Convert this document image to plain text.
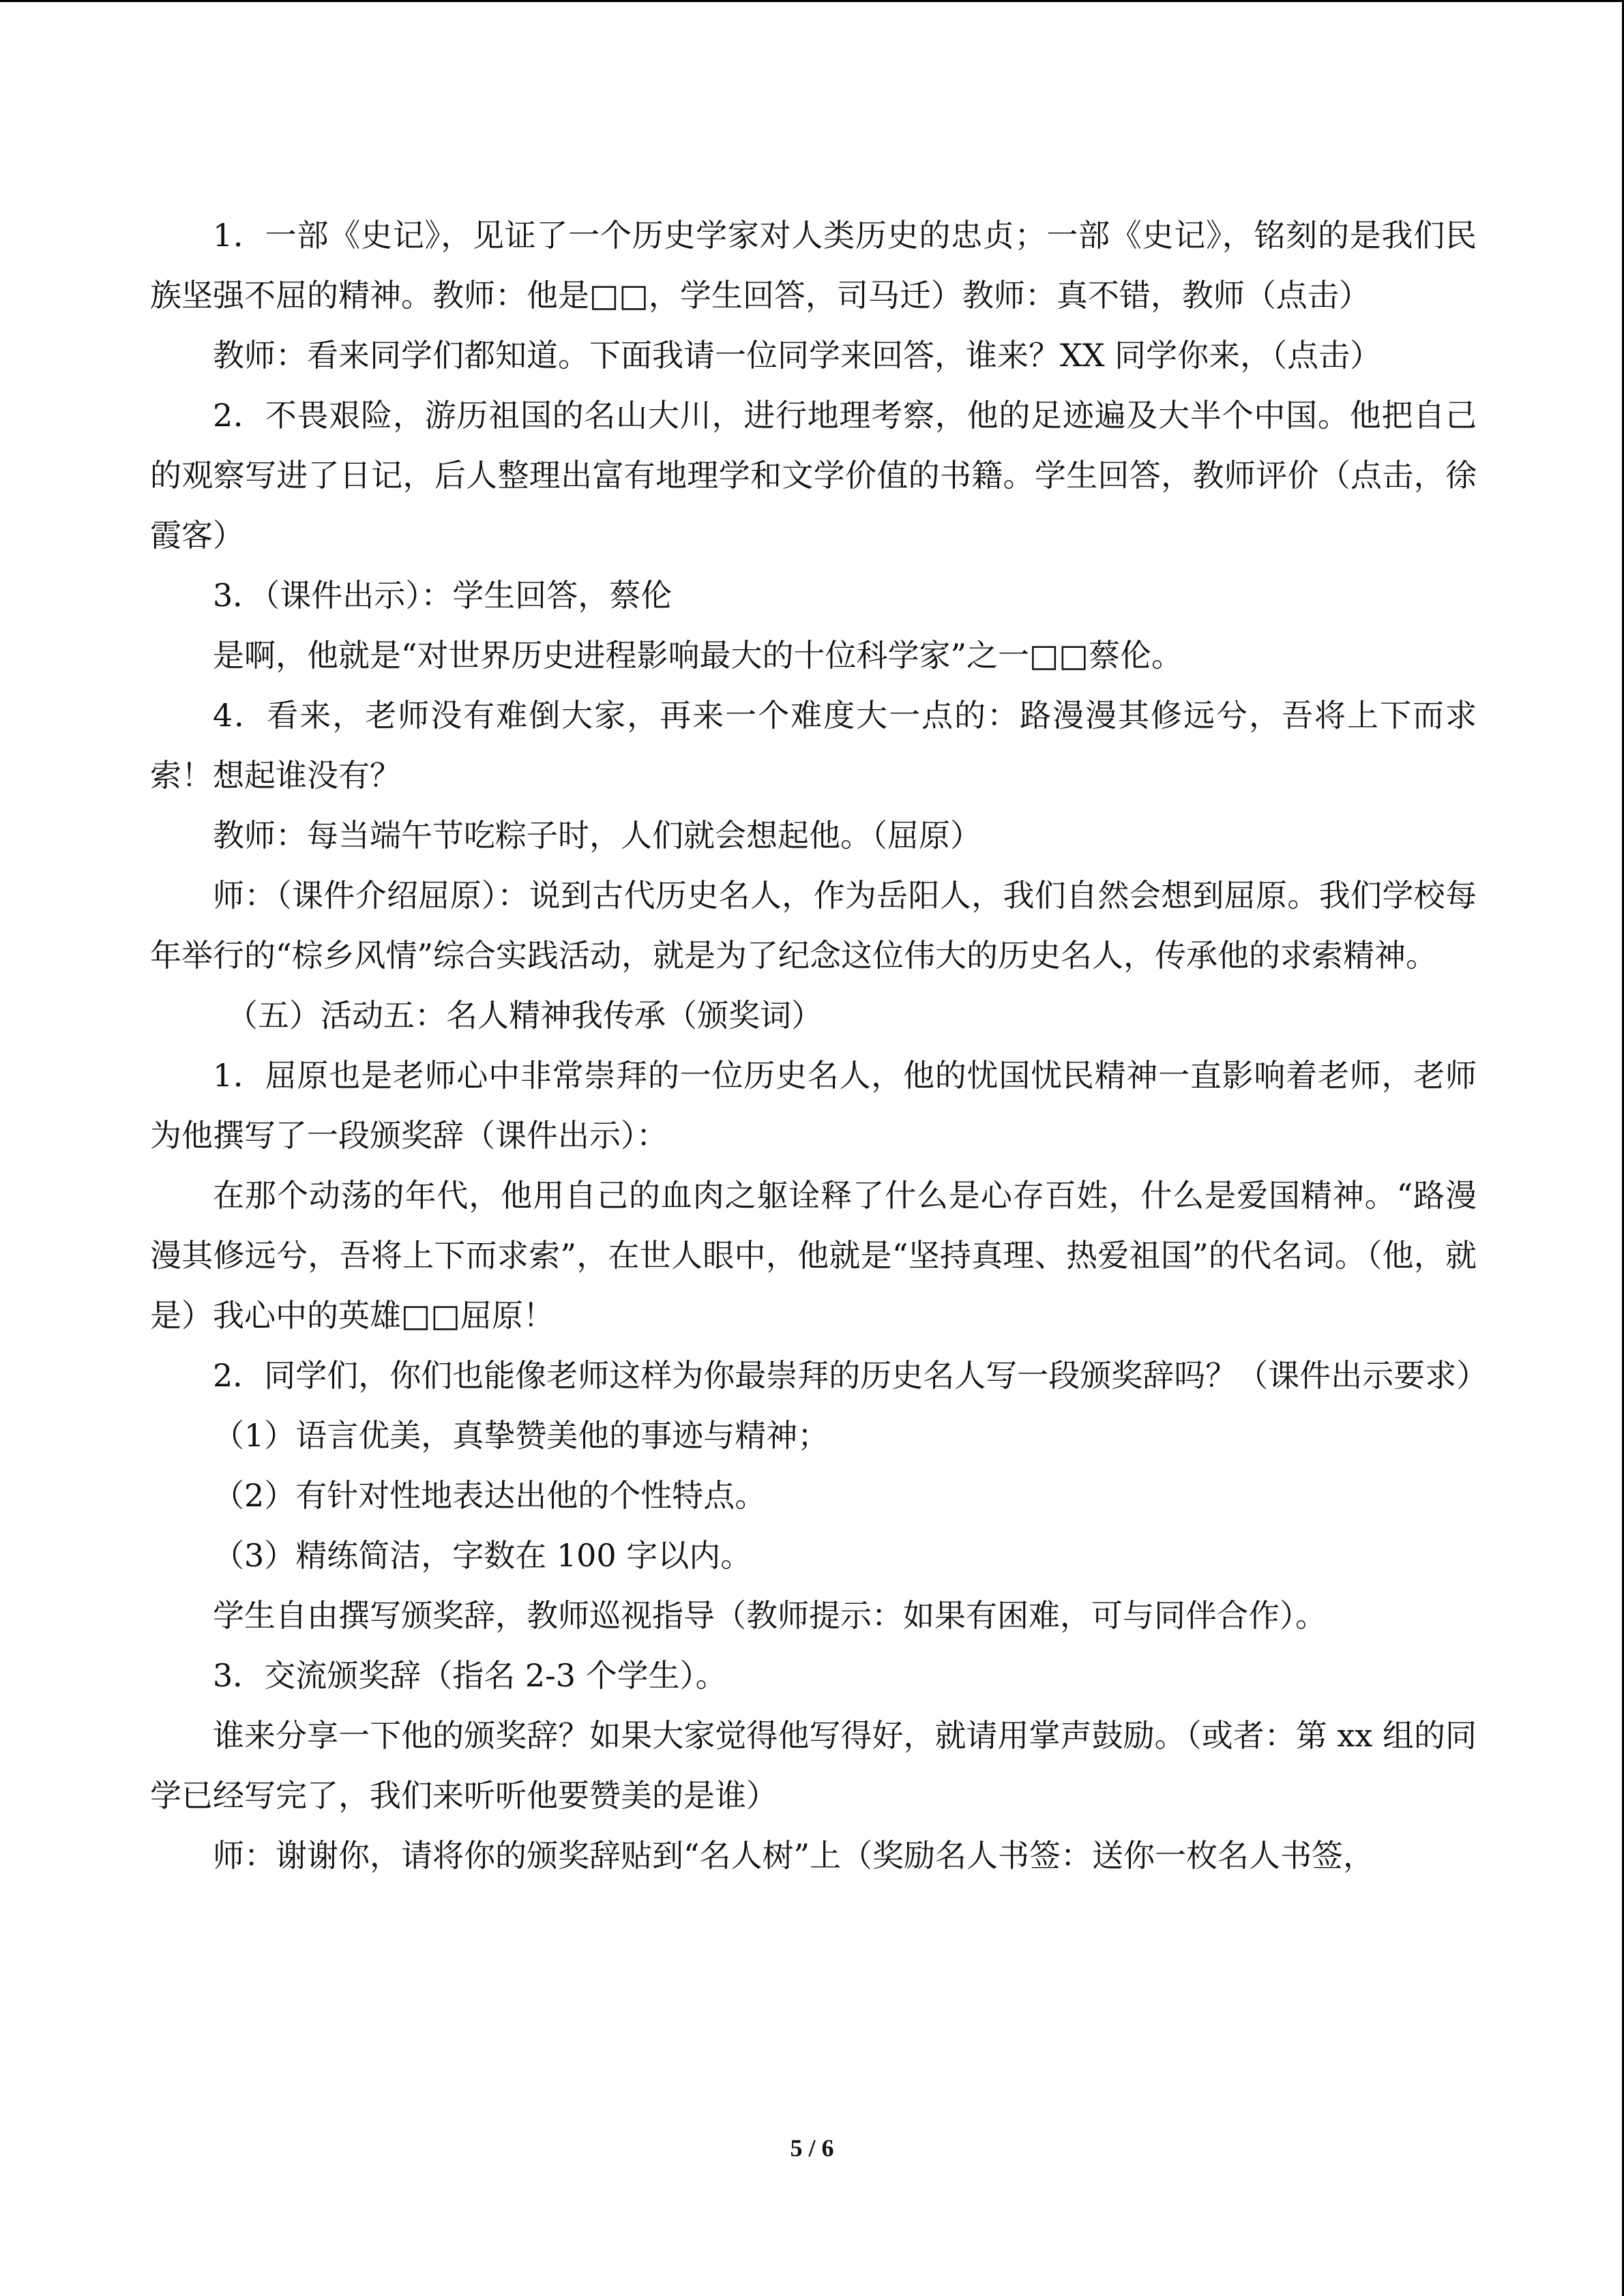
1．一部《史记》，见证了一个历史学家对人类历史的忠贞；一部《史记》，铭刻的是我们民族坚强不屈的精神。教师：他是□□，学生回答，司马迁）教师：真不错，教师（点击）

教师：看来同学们都知道。下面我请一位同学来回答，谁来？XX 同学你来，（点击）

2．不畏艰险，游历祖国的名山大川，进行地理考察，他的足迹遍及大半个中国。他把自己的观察写进了日记，后人整理出富有地理学和文学价值的书籍。学生回答，教师评价（点击，徐霞客）

3．（课件出示）：学生回答，蔡伦

是啊，他就是“对世界历史进程影响最大的十位科学家”之一□□蔡伦。

4．看来，老师没有难倒大家，再来一个难度大一点的：路漫漫其修远兮，吾将上下而求索！想起谁没有？

教师：每当端午节吃粽子时，人们就会想起他。（屈原）

师：（课件介绍屈原）：说到古代历史名人，作为岳阳人，我们自然会想到屈原。我们学校每年举行的“棕乡风情”综合实践活动，就是为了纪念这位伟大的历史名人，传承他的求索精神。

（五）活动五：名人精神我传承（颁奖词）

1．屈原也是老师心中非常崇拜的一位历史名人，他的忧国忧民精神一直影响着老师，老师为他撰写了一段颁奖辞（课件出示）：

在那个动荡的年代，他用自己的血肉之躯诠释了什么是心存百姓，什么是爱国精神。“路漫漫其修远兮，吾将上下而求索”，在世人眼中，他就是“坚持真理、热爱祖国”的代名词。（他，就是）我心中的英雄□□屈原！

2．同学们，你们也能像老师这样为你最崇拜的历史名人写一段颁奖辞吗？（课件出示要求）

（1）语言优美，真挚赞美他的事迹与精神；

（2）有针对性地表达出他的个性特点。

（3）精练简洁，字数在 100 字以内。

学生自由撰写颁奖辞，教师巡视指导（教师提示：如果有困难，可与同伴合作）。

3．交流颁奖辞（指名 2-3 个学生）。

谁来分享一下他的颁奖辞？如果大家觉得他写得好，就请用掌声鼓励。（或者：第 xx 组的同学已经写完了，我们来听听他要赞美的是谁）

师：谢谢你，请将你的颁奖辞贴到“名人树”上（奖励名人书签：送你一枚名人书签，

5 / 6
